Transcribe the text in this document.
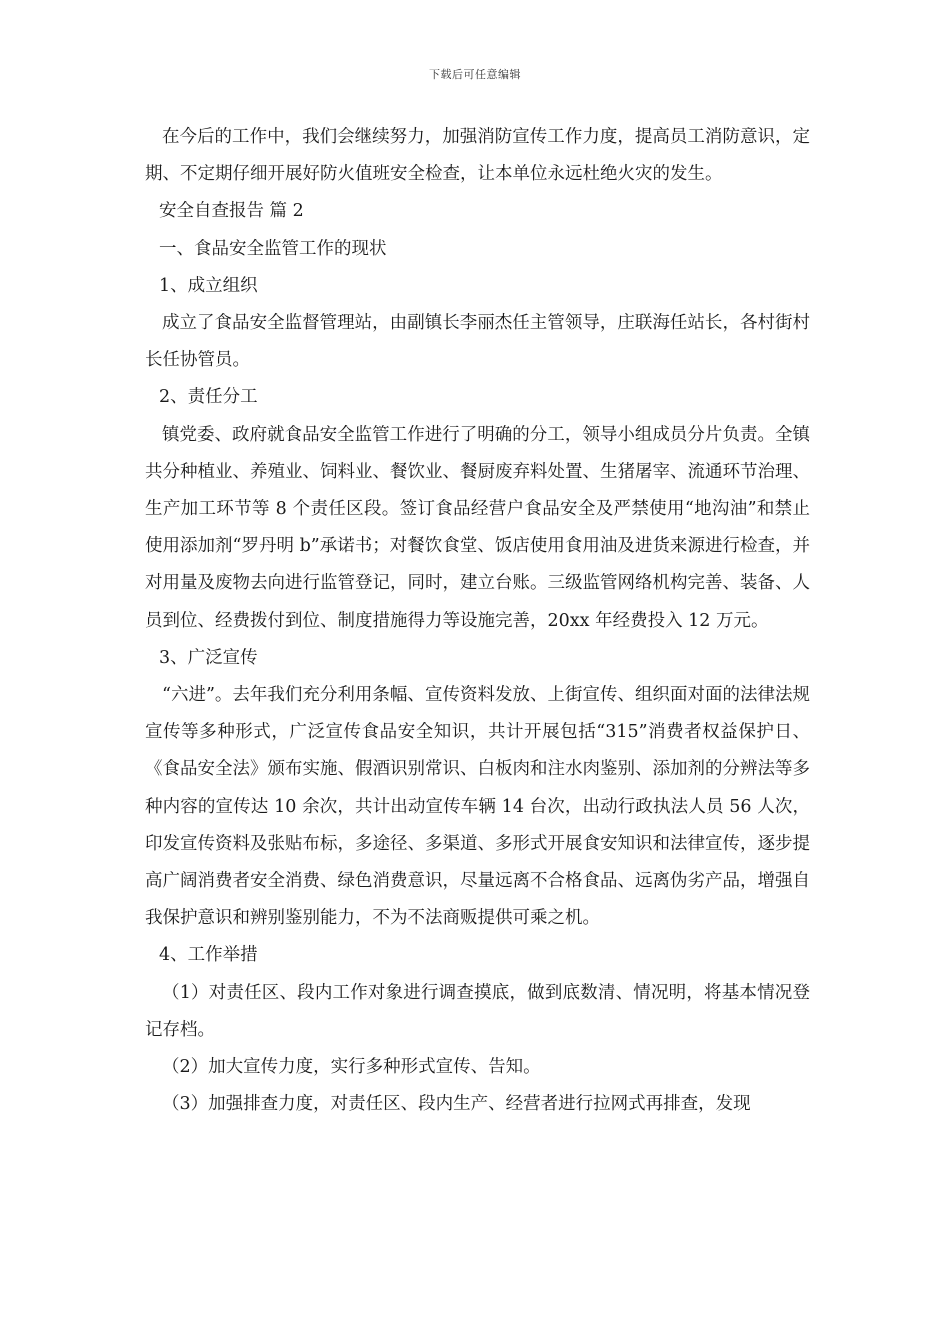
下载后可任意编辑

在今后的工作中，我们会继续努力，加强消防宣传工作力度，提高员工消防意识，定期、不定期仔细开展好防火值班安全检查，让本单位永远杜绝火灾的发生。

安全自查报告 篇 2

一、食品安全监管工作的现状

1、成立组织

成立了食品安全监督管理站，由副镇长李丽杰任主管领导，庄联海任站长，各村街村长任协管员。

2、责任分工

镇党委、政府就食品安全监管工作进行了明确的分工，领导小组成员分片负责。全镇共分种植业、养殖业、饲料业、餐饮业、餐厨废弃料处置、生猪屠宰、流通环节治理、生产加工环节等 8 个责任区段。签订食品经营户食品安全及严禁使用“地沟油”和禁止使用添加剂“罗丹明 b”承诺书；对餐饮食堂、饭店使用食用油及进货来源进行检查，并对用量及废物去向进行监管登记，同时，建立台账。三级监管网络机构完善、装备、人员到位、经费拨付到位、制度措施得力等设施完善，20xx 年经费投入 12 万元。

3、广泛宣传

“六进”。去年我们充分利用条幅、宣传资料发放、上街宣传、组织面对面的法律法规宣传等多种形式，广泛宣传食品安全知识，共计开展包括“315”消费者权益保护日、《食品安全法》颁布实施、假酒识别常识、白板肉和注水肉鉴别、添加剂的分辨法等多种内容的宣传达 10 余次，共计出动宣传车辆 14 台次，出动行政执法人员 56 人次，印发宣传资料及张贴布标，多途径、多渠道、多形式开展食安知识和法律宣传，逐步提高广阔消费者安全消费、绿色消费意识，尽量远离不合格食品、远离伪劣产品，增强自我保护意识和辨别鉴别能力，不为不法商贩提供可乘之机。

4、工作举措

（1）对责任区、段内工作对象进行调查摸底，做到底数清、情况明，将基本情况登记存档。

（2）加大宣传力度，实行多种形式宣传、告知。

（3）加强排查力度，对责任区、段内生产、经营者进行拉网式再排查，发现
